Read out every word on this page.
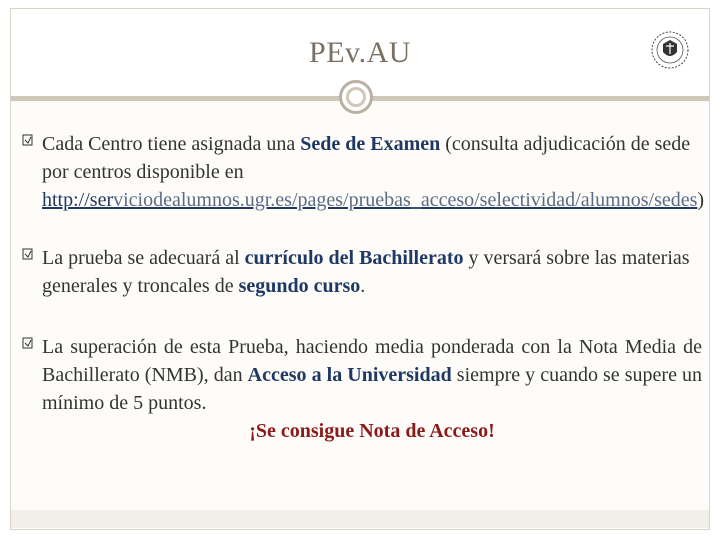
PEv.AU

Cada Centro tiene asignada una Sede de Examen (consulta adjudicación de sede por centros disponible en http://serviciodealumnos.ugr.es/pages/pruebas_acceso/selectividad/alumnos/sedes)

La prueba se adecuará al currículo del Bachillerato y versará sobre las materias generales y troncales de segundo curso.

La superación de esta Prueba, haciendo media ponderada con la Nota Media de Bachillerato (NMB), dan Acceso a la Universidad siempre y cuando se supere un mínimo de 5 puntos.

¡Se consigue Nota de Acceso!
